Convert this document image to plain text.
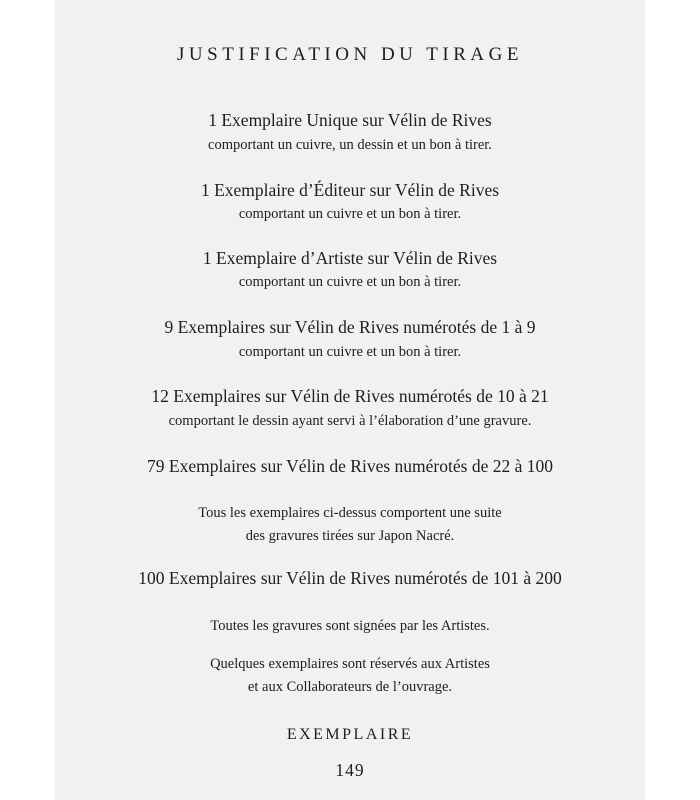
JUSTIFICATION DU TIRAGE
1 Exemplaire Unique sur Vélin de Rives
comportant un cuivre, un dessin et un bon à tirer.
1 Exemplaire d’Éditeur sur Vélin de Rives
comportant un cuivre et un bon à tirer.
1 Exemplaire d’Artiste sur Vélin de Rives
comportant un cuivre et un bon à tirer.
9 Exemplaires sur Vélin de Rives numérotés de 1 à 9
comportant un cuivre et un bon à tirer.
12 Exemplaires sur Vélin de Rives numérotés de 10 à 21
comportant le dessin ayant servi à l’élaboration d’une gravure.
79 Exemplaires sur Vélin de Rives numérotés de 22 à 100
Tous les exemplaires ci-dessus comportent une suite
des gravures tirées sur Japon Nacré.
100 Exemplaires sur Vélin de Rives numérotés de 101 à 200
Toutes les gravures sont signées par les Artistes.
Quelques exemplaires sont réservés aux Artistes
et aux Collaborateurs de l’ouvrage.
EXEMPLAIRE
149
